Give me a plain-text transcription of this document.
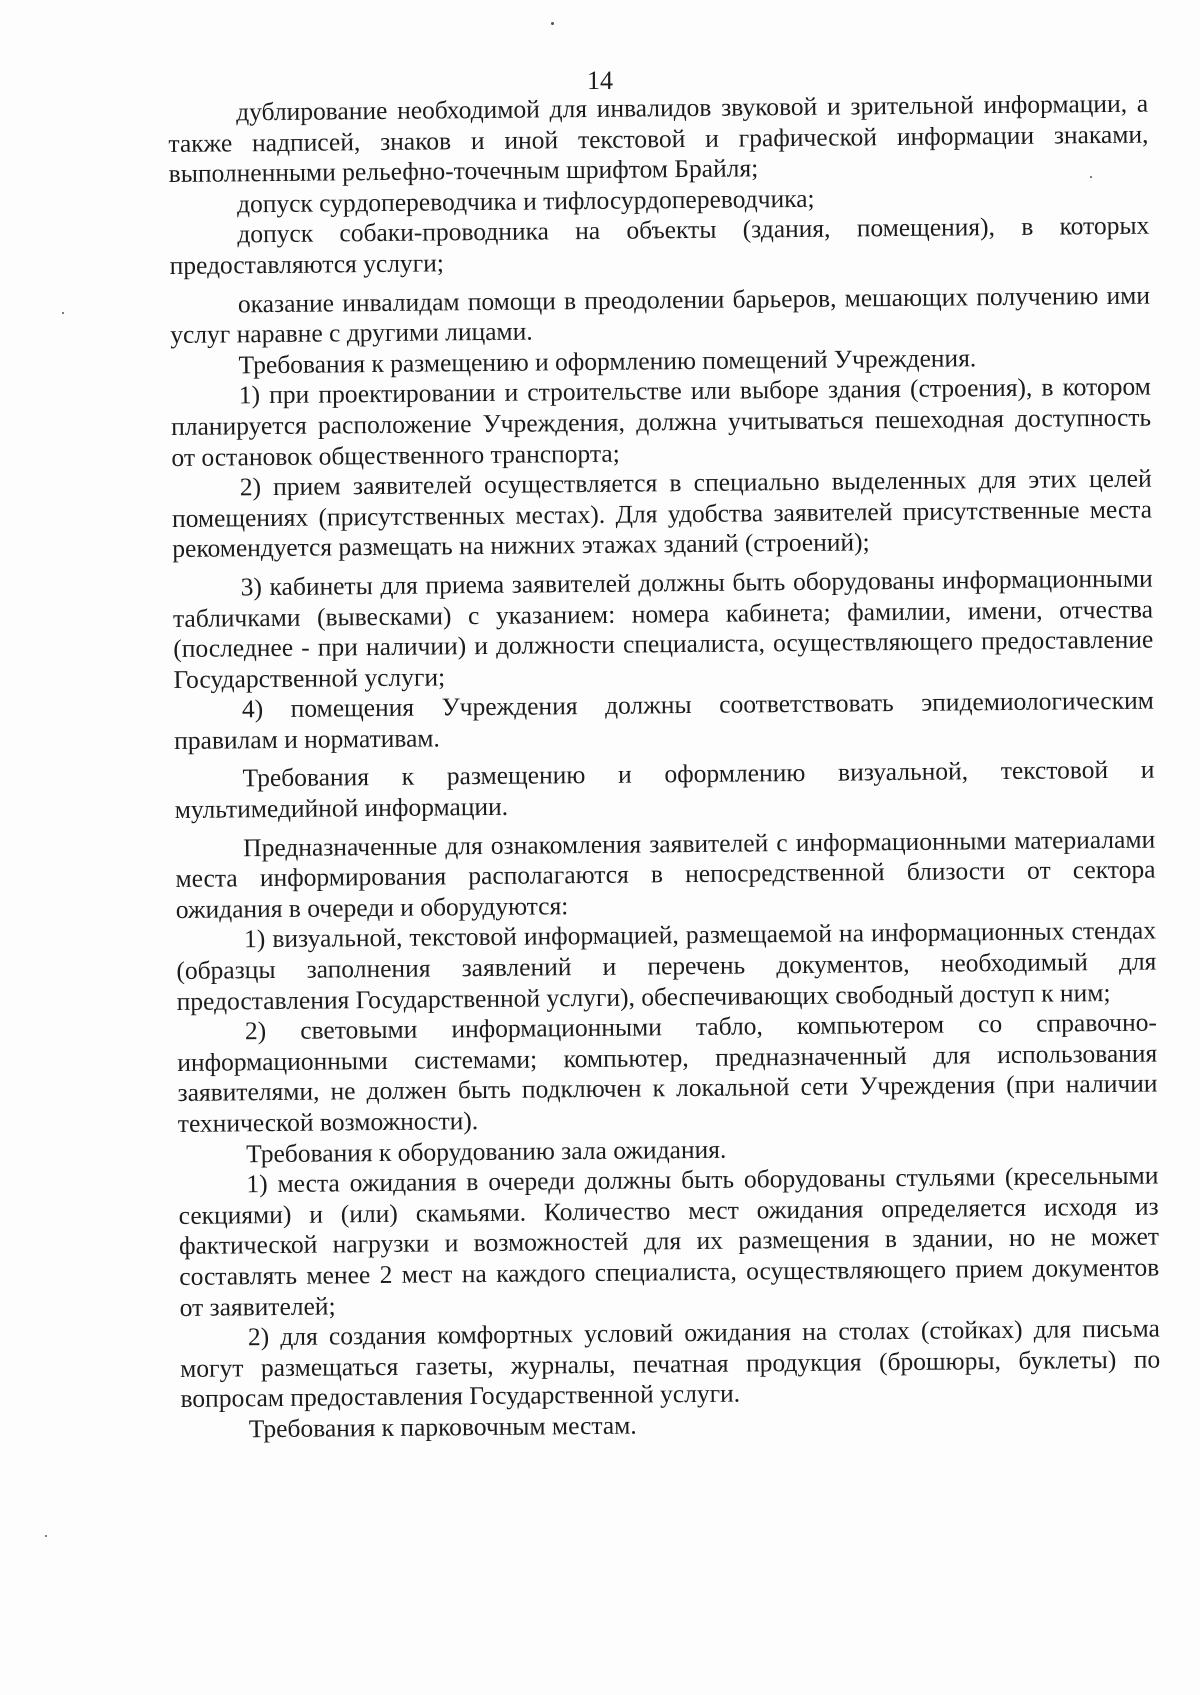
14

дублирование необходимой для инвалидов звуковой и зрительной информации, а также надписей, знаков и иной текстовой и графической информации знаками, выполненными рельефно-точечным шрифтом Брайля;

допуск сурдопереводчика и тифлосурдопереводчика;

допуск собаки-проводника на объекты (здания, помещения), в которых предоставляются услуги;

оказание инвалидам помощи в преодолении барьеров, мешающих получению ими услуг наравне с другими лицами.

Требования к размещению и оформлению помещений Учреждения.

1) при проектировании и строительстве или выборе здания (строения), в котором планируется расположение Учреждения, должна учитываться пешеходная доступность от остановок общественного транспорта;

2) прием заявителей осуществляется в специально выделенных для этих целей помещениях (присутственных местах). Для удобства заявителей присутственные места рекомендуется размещать на нижних этажах зданий (строений);

3) кабинеты для приема заявителей должны быть оборудованы информационными табличками (вывесками) с указанием: номера кабинета; фамилии, имени, отчества (последнее - при наличии) и должности специалиста, осуществляющего предоставление Государственной услуги;

4) помещения Учреждения должны соответствовать эпидемиологическим правилам и нормативам.

Требования к размещению и оформлению визуальной, текстовой и мультимедийной информации.

Предназначенные для ознакомления заявителей с информационными материалами места информирования располагаются в непосредственной близости от сектора ожидания в очереди и оборудуются:

1) визуальной, текстовой информацией, размещаемой на информационных стендах (образцы заполнения заявлений и перечень документов, необходимый для предоставления Государственной услуги), обеспечивающих свободный доступ к ним;

2) световыми информационными табло, компьютером со справочно-информационными системами; компьютер, предназначенный для использования заявителями, не должен быть подключен к локальной сети Учреждения (при наличии технической возможности).

Требования к оборудованию зала ожидания.

1) места ожидания в очереди должны быть оборудованы стульями (кресельными секциями) и (или) скамьями. Количество мест ожидания определяется исходя из фактической нагрузки и возможностей для их размещения в здании, но не может составлять менее 2 мест на каждого специалиста, осуществляющего прием документов от заявителей;

2) для создания комфортных условий ожидания на столах (стойках) для письма могут размещаться газеты, журналы, печатная продукция (брошюры, буклеты) по вопросам предоставления Государственной услуги.

Требования к парковочным местам.
